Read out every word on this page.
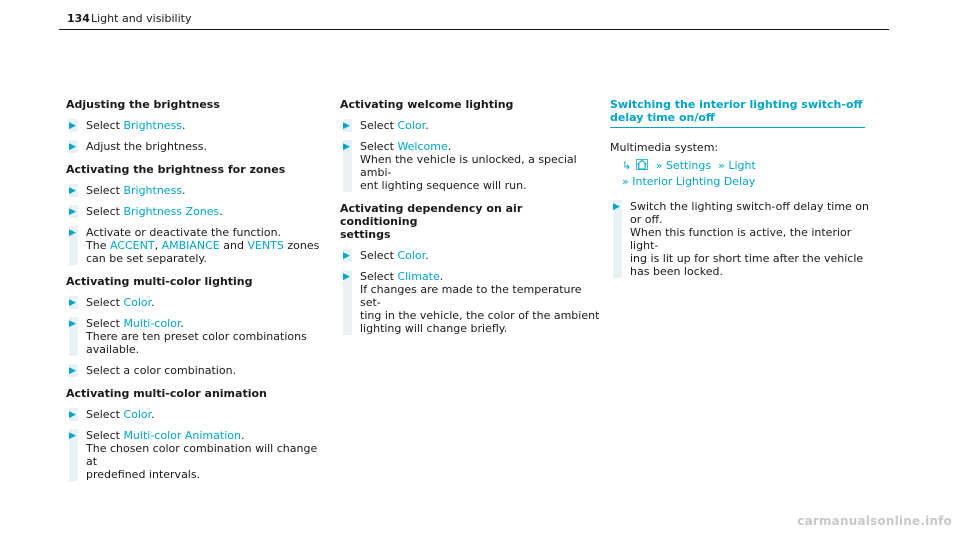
134 Light and visibility
Adjusting the brightness
▶ Select Brightness.
▶ Adjust the brightness.
Activating the brightness for zones
▶ Select Brightness.
▶ Select Brightness Zones.
▶ Activate or deactivate the function.
The ACCENT, AMBIANCE and VENTS zones
can be set separately.
Activating multi-color lighting
▶ Select Color.
▶ Select Multi-color.
There are ten preset color combinations
available.
▶ Select a color combination.
Activating multi-color animation
▶ Select Color.
▶ Select Multi-color Animation.
The chosen color combination will change at
predefined intervals.
Activating welcome lighting
▶ Select Color.
▶ Select Welcome.
When the vehicle is unlocked, a special ambi-
ent lighting sequence will run.
Activating dependency on air conditioning
settings
▶ Select Color.
▶ Select Climate.
If changes are made to the temperature set-
ting in the vehicle, the color of the ambient
lighting will change briefly.

Switching the interior lighting switch-off
delay time on/off

Multimedia system:
↳   » Settings  » Light
» Interior Lighting Delay
▶ Switch the lighting switch-off delay time on
or off.
When this function is active, the interior light-
ing is lit up for short time after the vehicle
has been locked.
carmanualsonline.info
